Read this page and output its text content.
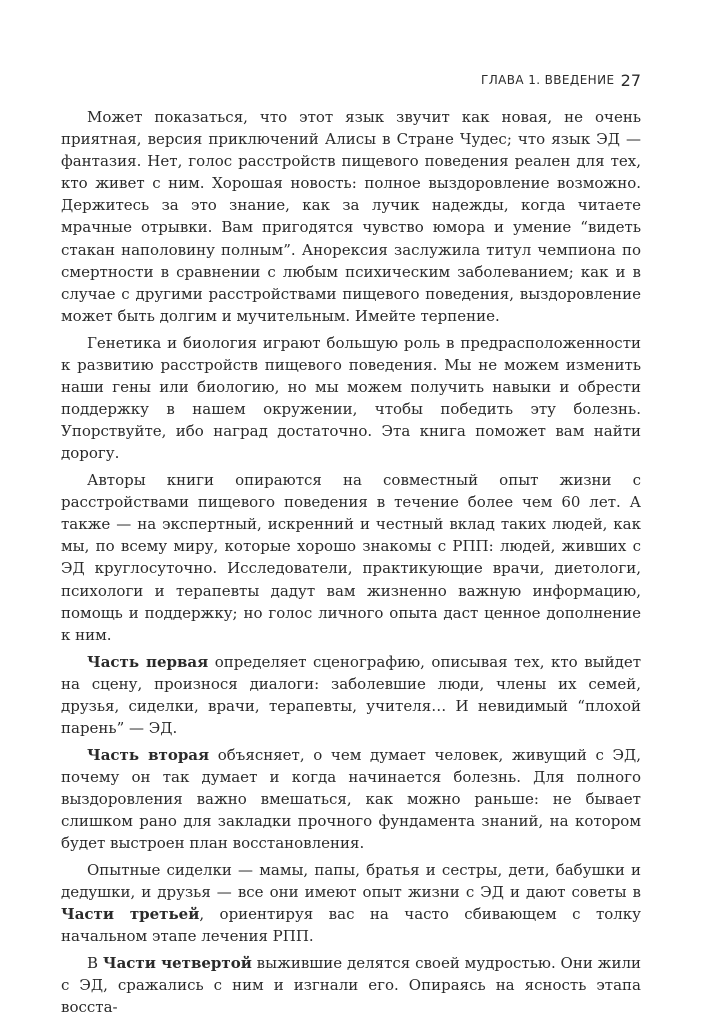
ГЛАВА 1. ВВЕДЕНИЕ 27

Может показаться, что этот язык звучит как новая, не очень приятная, версия приключений Алисы в Стране Чудес; что язык ЭД — фантазия. Нет, голос расстройств пищевого поведения реален для тех, кто живет с ним. Хорошая новость: полное выздоровление возможно. Держитесь за это знание, как за лучик надежды, когда читаете мрачные отрывки. Вам пригодятся чувство юмора и умение “видеть стакан наполовину полным”. Анорексия заслужила титул чемпиона по смертности в сравнении с любым психическим заболеванием; как и в случае с другими расстройствами пищевого поведения, выздоровление может быть долгим и мучительным. Имейте терпение.

Генетика и биология играют большую роль в предрасположенности к развитию расстройств пищевого поведения. Мы не можем изменить наши гены или биологию, но мы можем получить навыки и обрести поддержку в нашем окружении, чтобы победить эту болезнь. Упорствуйте, ибо наград достаточно. Эта книга поможет вам найти дорогу.

Авторы книги опираются на совместный опыт жизни с расстройствами пищевого поведения в течение более чем 60 лет. А также — на экспертный, искренний и честный вклад таких людей, как мы, по всему миру, которые хорошо знакомы с РПП: людей, живших с ЭД круглосуточно. Исследователи, практикующие врачи, диетологи, психологи и терапевты дадут вам жизненно важную информацию, помощь и поддержку; но голос личного опыта даст ценное дополнение к ним.

Часть первая определяет сценографию, описывая тех, кто выйдет на сцену, произнося диалоги: заболевшие люди, члены их семей, друзья, сиделки, врачи, терапевты, учителя… И невидимый “плохой парень” — ЭД.

Часть вторая объясняет, о чем думает человек, живущий с ЭД, почему он так думает и когда начинается болезнь. Для полного выздоровления важно вмешаться, как можно раньше: не бывает слишком рано для закладки прочного фундамента знаний, на котором будет выстроен план восстановления.

Опытные сиделки — мамы, папы, братья и сестры, дети, бабушки и дедушки, и друзья — все они имеют опыт жизни с ЭД и дают советы в Части третьей, ориентируя вас на часто сбивающем с толку начальном этапе лечения РПП.

В Части четвертой выжившие делятся своей мудростью. Они жили с ЭД, сражались с ним и изгнали его. Опираясь на ясность этапа восста-
